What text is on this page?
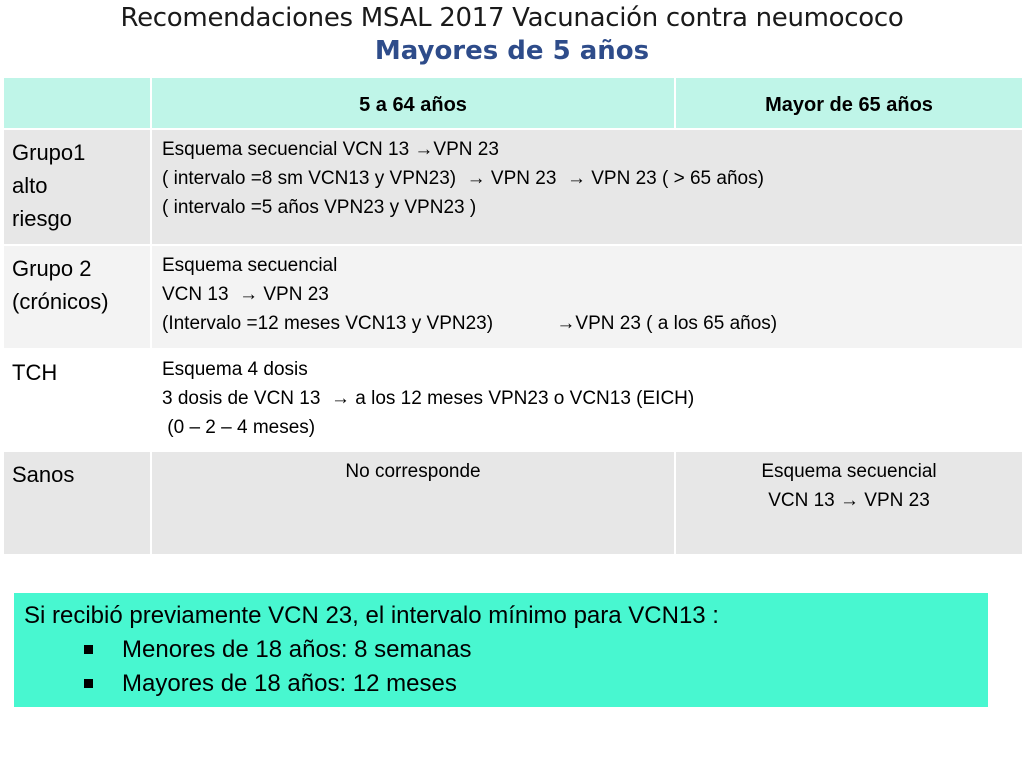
Recomendaciones MSAL 2017 Vacunación contra neumococo
Mayores de 5 años
	5 a 64 años	Mayor de 65 años

Grupo1
alto
riesgo	Esquema secuencial VCN 13 →VPN 23
( intervalo =8 sm VCN13 y VPN23)  → VPN 23  → VPN 23 ( > 65 años)
( intervalo =5 años VPN23 y VPN23 )	

Grupo 2
(crónicos)	Esquema secuencial
VCN 13  → VPN 23
(Intervalo =12 meses VCN13 y VPN23)            →VPN 23 ( a los 65 años)	

TCH	Esquema 4 dosis
3 dosis de VCN 13  → a los 12 meses VPN23 o VCN13 (EICH)
(0 – 2 – 4 meses)	

Sanos	No corresponde	Esquema secuencial
VCN 13 → VPN 23
Si recibió previamente VCN 23, el intervalo mínimo para VCN13 :
Menores de 18 años: 8 semanas
Mayores de 18 años: 12 meses
